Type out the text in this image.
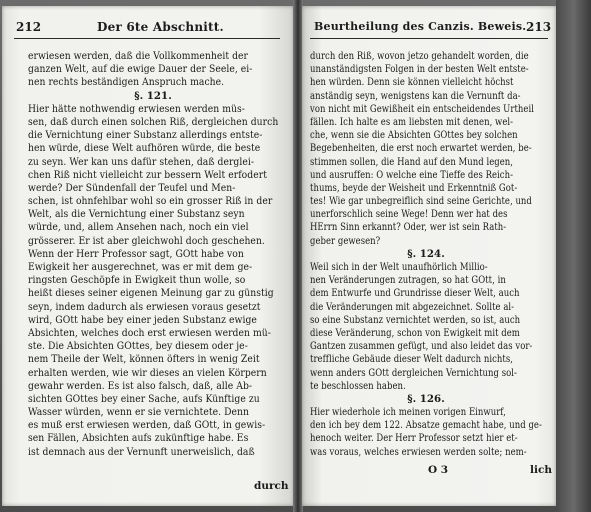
212	Der 6te Abschnitt.
erwiesen werden, daß die Vollkommenheit der
ganzen Welt, auf die ewige Dauer der Seele, ei-
nen rechts beständigen Anspruch mache.
§. 121.
Hier hätte nothwendig erwiesen werden müs-
sen, daß durch einen solchen Riß, dergleichen durch
die Vernichtung einer Substanz allerdings entste-
hen würde, diese Welt aufhören würde, die beste
zu seyn. Wer kan uns dafür stehen, daß derglei-
chen Riß nicht vielleicht zur bessern Welt erfodert
werde? Der Sündenfall der Teufel und Men-
schen, ist ohnfehlbar wohl so ein grosser Riß in der
Welt, als die Vernichtung einer Substanz seyn
würde, und, allem Ansehen nach, noch ein viel
grösserer. Er ist aber gleichwohl doch geschehen.
Wenn der Herr Professor sagt, GOtt habe von
Ewigkeit her ausgerechnet, was er mit dem ge-
ringsten Geschöpfe in Ewigkeit thun wolle, so
heißt dieses seiner eigenen Meinung gar zu günstig
seyn, indem dadurch als erwiesen voraus gesetzt
wird, GOtt habe bey einer jeden Substanz ewige
Absichten, welches doch erst erwiesen werden mü-
ste. Die Absichten GOttes, bey diesem oder je-
nem Theile der Welt, können öfters in wenig Zeit
erhalten werden, wie wir dieses an vielen Körpern
gewahr werden. Es ist also falsch, daß, alle Ab-
sichten GOttes bey einer Sache, aufs Künftige zu
Wasser würden, wenn er sie vernichtete. Denn
es muß erst erwiesen werden, daß GOtt, in gewis-
sen Fällen, Absichten aufs zukünftige habe. Es
ist demnach aus der Vernunft unerweislich, daß
durch
Beurtheilung des Canzis. Beweis. 213
durch den Riß, wovon jetzo gehandelt worden, die
unanständigsten Folgen in der besten Welt entste-
hen würden. Denn sie können vielleicht höchst
anständig seyn, wenigstens kan die Vernunft da-
von nicht mit Gewißheit ein entscheidendes Urtheil
fällen. Ich halte es am liebsten mit denen, wel-
che, wenn sie die Absichten GOttes bey solchen
Begebenheiten, die erst noch erwartet werden, be-
stimmen sollen, die Hand auf den Mund legen,
und ausruffen: O welche eine Tieffe des Reich-
thums, beyde der Weisheit und Erkenntniß Got-
tes! Wie gar unbegreiflich sind seine Gerichte, und
unerforschlich seine Wege! Denn wer hat des
HErrn Sinn erkannt? Oder, wer ist sein Rath-
geber gewesen?
§. 124.
Weil sich in der Welt unaufhörlich Millio-
nen Veränderungen zutragen, so hat GOtt, in
dem Entwurfe und Grundrisse dieser Welt, auch
die Veränderungen mit abgezeichnet. Sollte al-
so eine Substanz vernichtet werden, so ist, auch
diese Veränderung, schon von Ewigkeit mit dem
Gantzen zusammen gefügt, und also leidet das vor-
treffliche Gebäude dieser Welt dadurch nichts,
wenn anders GOtt dergleichen Vernichtung sol-
te beschlossen haben.
§. 126.
Hier wiederhole ich meinen vorigen Einwurf,
den ich bey dem 122. Absatze gemacht habe, und ge-
henoch weiter. Der Herr Professor setzt hier et-
was voraus, welches erwiesen werden solte; nem-
O 3	lich
